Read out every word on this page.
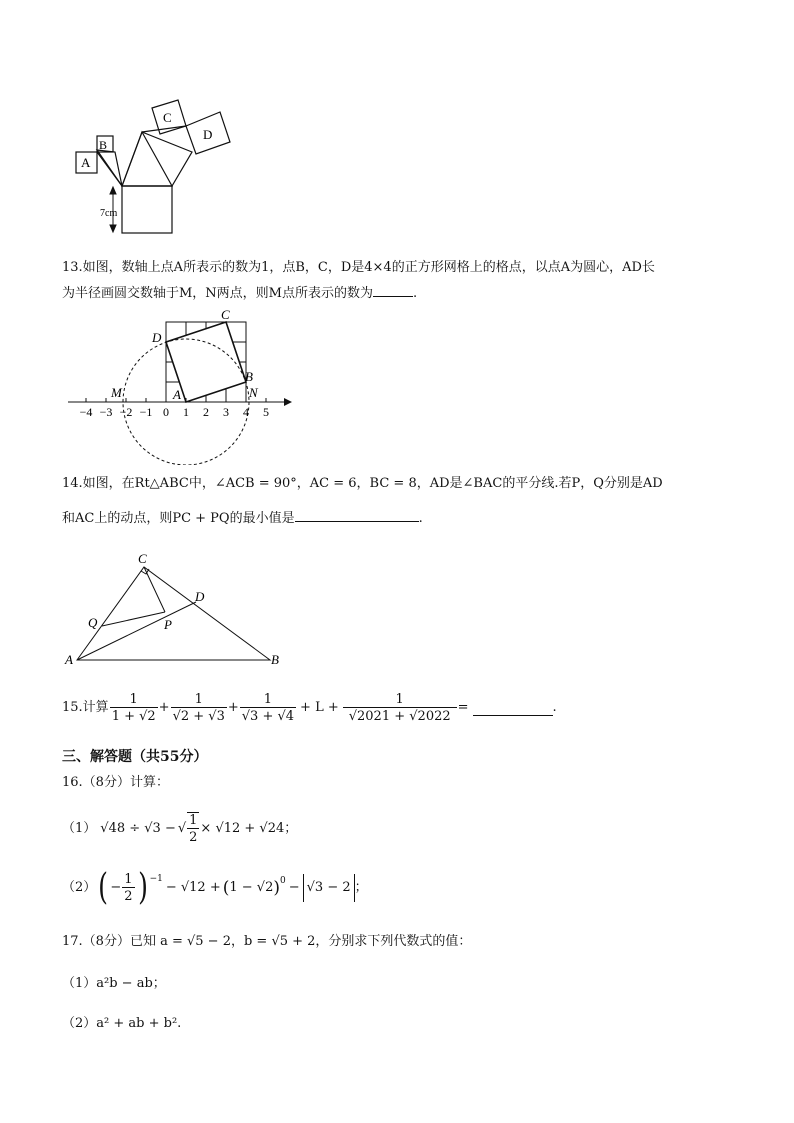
A
B
C
D
7cm
13.如图，数轴上点A所表示的数为1，点B，C，D是4×4的正方形网格上的格点，以点A为圆心，AD长
为半径画圆交数轴于M，N两点，则M点所表示的数为	.
−4 −3 −2 −1 0 1 2 3 4 5
D
C
B
A
M	N
14.如图，在Rt△ABC中，∠ACB = 90°，AC = 6，BC = 8，AD是∠BAC的平分线.若P，Q分别是AD
和AC上的动点，则PC + PQ的最小值是	.
C
D
Q	P
A	B
15.计算 $\frac{1}{1 + √2} + \frac{1}{√2 + √3} + \frac{1}{√3 + √4} + L + \frac{1}{√2021 + √2022}$ =	.
三、解答题（共55分）
16.（8分）计算：
（1） √48 ÷ √3 − √ $\frac{1}{2} \times √12 + √24$ ；
（2） ( − $\frac{1}{2} )^{-1}$
− √12 + ( 1 − √2 )$^0$ − √3 − 2 ；
17.（8分）已知 a = √5 − 2，b = √5 + 2，分别求下列代数式的值：
（1）a²b − ab；
（2）a² + ab + b².
